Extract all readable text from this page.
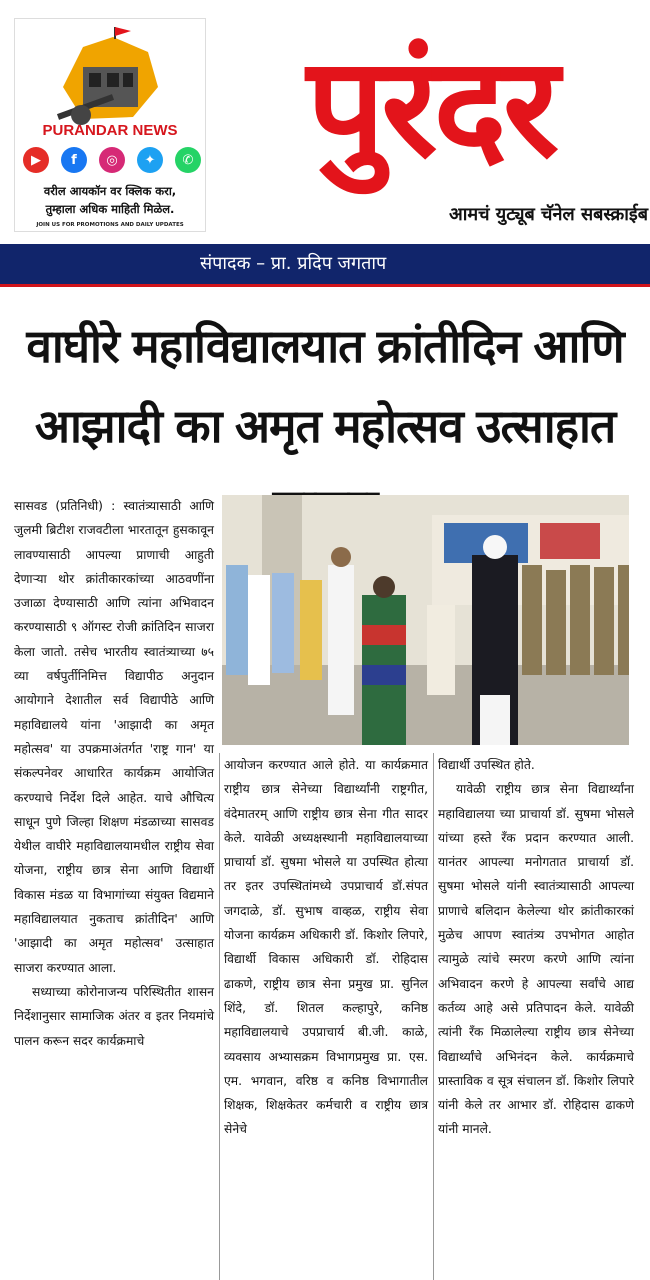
PURANDAR NEWS
▶	f	◎	✦	✆
वरील आयकॉन वर क्लिक करा,
तुम्हाला अधिक माहिती मिळेल.
JOIN US FOR PROMOTIONS AND DAILY UPDATES
पुरंदर
आमचं युट्यूब चॅनेल सबस्क्राईब
संपादक – प्रा. प्रदिप जगताप
वाघीरे महाविद्यालयात क्रांतीदिन आणि
आझादी का अमृत महोत्सव उत्साहात

सासवड (प्रतिनिधी) : स्वातंत्र्यासाठी आणि जुलमी ब्रिटीश राजवटीला भारतातून हुसकावून लावण्यासाठी आपल्या प्राणाची आहुती देणाऱ्या थोर क्रांतीकारकांच्या आठवणींना उजाळा देण्यासाठी आणि त्यांना अभिवादन करण्यासाठी ९ ऑगस्ट रोजी क्रांतिदिन साजरा केला जातो. तसेच भारतीय स्वातंत्र्याच्या ७५ व्या वर्षपुर्तीनिमित्त विद्यापीठ अनुदान आयोगाने देशातील सर्व विद्यापीठे आणि महाविद्यालये यांना 'आझादी का अमृत महोत्सव' या उपक्रमाअंतर्गत 'राष्ट्र गान' या संकल्पनेवर आधारित कार्यक्रम आयोजित करण्याचे निर्देश दिले आहेत. याचे औचित्य साधून पुणे जिल्हा शिक्षण मंडळाच्या सासवड येथील वाघीरे महाविद्यालयामधील राष्ट्रीय सेवा योजना, राष्ट्रीय छात्र सेना आणि विद्यार्थी विकास मंडळ या विभागांच्या संयुक्त विद्यमाने महाविद्यालयात नुकताच क्रांतीदिन' आणि 'आझादी का अमृत महोत्सव' उत्साहात साजरा करण्यात आला.

सध्याच्या कोरोनाजन्य परिस्थितीत शासन निर्देशानुसार सामाजिक अंतर व इतर नियमांचे पालन करून सदर कार्यक्रमाचे

आयोजन करण्यात आले होते. या कार्यक्रमात राष्ट्रीय छात्र सेनेच्या विद्यार्थ्यांनी राष्ट्रगीत, वंदेमातरम् आणि राष्ट्रीय छात्र सेना गीत सादर केले. यावेळी अध्यक्षस्थानी महाविद्यालयाच्या प्राचार्या डॉ. सुषमा भोसले या उपस्थित होत्या तर इतर उपस्थितांमध्ये उपप्राचार्य डॉ.संपत जगदाळे, डॉ. सुभाष वाव्हळ, राष्ट्रीय सेवा योजना कार्यक्रम अधिकारी डॉ. किशोर लिपारे, विद्यार्थी विकास अधिकारी डॉ. रोहिदास ढाकणे, राष्ट्रीय छात्र सेना प्रमुख प्रा. सुनिल शिंदे, डॉ. शितल कल्हापुरे, कनिष्ठ महाविद्यालयाचे उपप्राचार्य बी.जी. काळे, व्यवसाय अभ्यासक्रम विभागप्रमुख प्रा. एस. एम. भगवान, वरिष्ठ व कनिष्ठ विभागातील शिक्षक, शिक्षकेतर कर्मचारी व राष्ट्रीय छात्र सेनेचे

विद्यार्थी उपस्थित होते.

यावेळी राष्ट्रीय छात्र सेना विद्यार्थ्यांना महाविद्यालया च्या प्राचार्या डॉ. सुषमा भोसले यांच्या हस्ते रँक प्रदान करण्यात आली. यानंतर आपल्या मनोगतात प्राचार्या डॉ. सुषमा भोसले यांनी स्वातंत्र्यासाठी आपल्या प्राणाचे बलिदान केलेल्या थोर क्रांतीकारकां मुळेच आपण स्वातंत्र्य उपभोगत आहोत त्यामुळे त्यांचे स्मरण करणे आणि त्यांना अभिवादन करणे हे आपल्या सर्वांचे आद्य कर्तव्य आहे असे प्रतिपादन केले. यावेळी त्यांनी रँक मिळालेल्या राष्ट्रीय छात्र सेनेच्या विद्यार्थ्यांचे अभिनंदन केले. कार्यक्रमाचे प्रास्ताविक व सूत्र संचालन डॉ. किशोर लिपारे यांनी केले तर आभार डॉ. रोहिदास ढाकणे यांनी मानले.
